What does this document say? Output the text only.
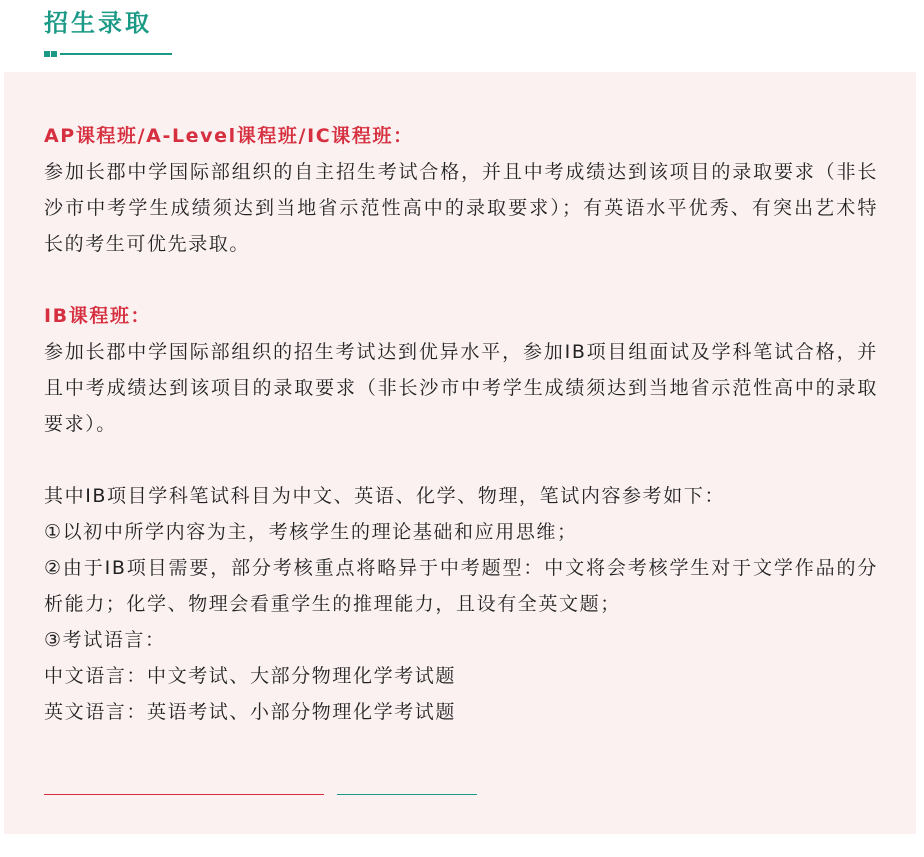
招生录取

AP课程班/A-Level课程班/IC课程班：

参加长郡中学国际部组织的自主招生考试合格，并且中考成绩达到该项目的录取要求（非长沙市中考学生成绩须达到当地省示范性高中的录取要求）；有英语水平优秀、有突出艺术特长的考生可优先录取。

IB课程班：

参加长郡中学国际部组织的招生考试达到优异水平，参加IB项目组面试及学科笔试合格，并且中考成绩达到该项目的录取要求（非长沙市中考学生成绩须达到当地省示范性高中的录取要求）。

其中IB项目学科笔试科目为中文、英语、化学、物理，笔试内容参考如下：

①以初中所学内容为主，考核学生的理论基础和应用思维；

②由于IB项目需要，部分考核重点将略异于中考题型：中文将会考核学生对于文学作品的分析能力；化学、物理会看重学生的推理能力，且设有全英文题；

③考试语言：

中文语言：中文考试、大部分物理化学考试题

英文语言：英语考试、小部分物理化学考试题
